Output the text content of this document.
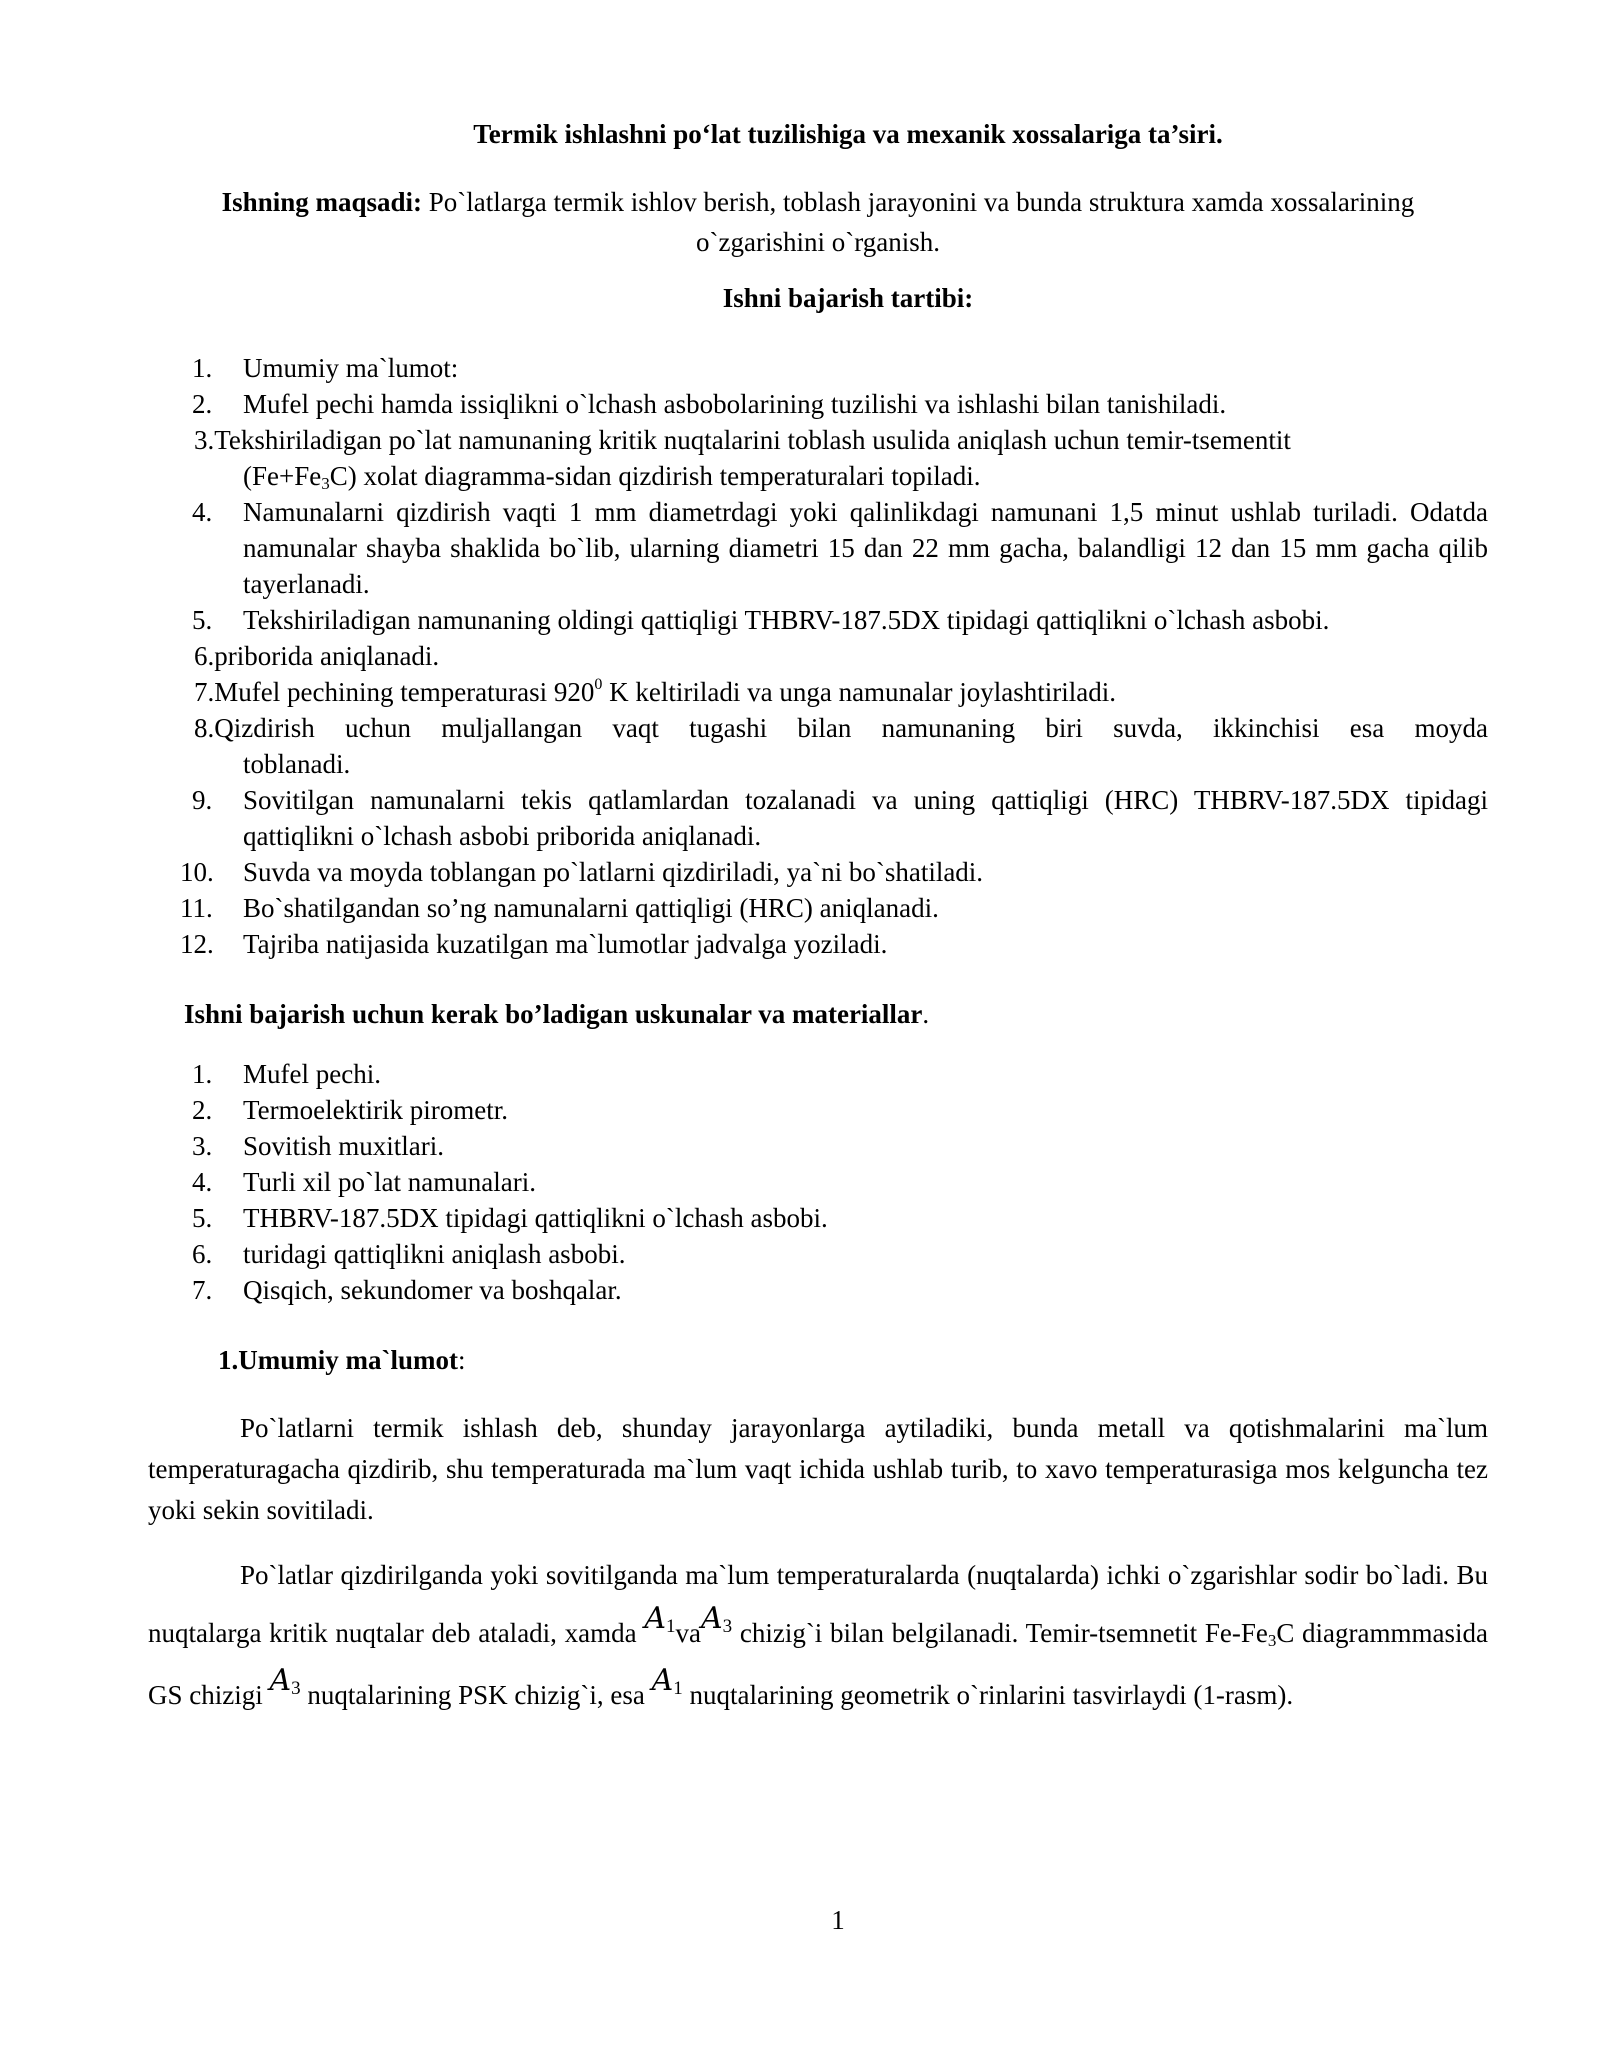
Termik ishlashni po‘lat tuzilishiga va mexanik xossalariga ta’siri.
Ishning maqsadi: Po`latlarga termik ishlov berish, toblash jarayonini va bunda struktura xamda xossalarining o`zgarishini o`rganish.
Ishni bajarish tartibi:
1. Umumiy ma`lumot:
2. Mufel pechi hamda issiqlikni o`lchash asbobolarining tuzilishi va ishlashi bilan tanishiladi.
3.Tekshiriladigan po`lat namunaning kritik nuqtalarini toblash usulida aniqlash uchun temir-tsementit
$(Fe+Fe_3C)$ xolat diagramma-sidan qizdirish temperaturalari topiladi.
4. Namunalarni qizdirish vaqti 1 mm diametrdagi yoki qalinlikdagi namunani 1,5 minut ushlab turiladi. Odatda namunalar shayba shaklida bo`lib, ularning diametri 15 dan 22 mm gacha, balandligi 12 dan 15 mm gacha qilib tayerlanadi.
5. Tekshiriladigan namunaning oldingi qattiqligi THBRV-187.5DX tipidagi qattiqlikni o`lchash asbobi.
6.priborida aniqlanadi.
7.Mufel pechining temperaturasi $920^0$ K keltiriladi va unga namunalar joylashtiriladi.
8.Qizdirish uchun muljallangan vaqt tugashi bilan namunaning biri suvda, ikkinchisi esa moyda
toblanadi.
9. Sovitilgan namunalarni tekis qatlamlardan tozalanadi va uning qattiqligi (HRC) THBRV-187.5DX tipidagi qattiqlikni o`lchash asbobi priborida aniqlanadi.
10. Suvda va moyda toblangan po`latlarni qizdiriladi, ya`ni bo`shatiladi.
11. Bo`shatilgandan so’ng namunalarni qattiqligi (HRC) aniqlanadi.
12. Tajriba natijasida kuzatilgan ma`lumotlar jadvalga yoziladi.
Ishni bajarish uchun kerak bo’ladigan uskunalar va materiallar.
1. Mufel pechi.
2. Termoelektirik pirometr.
3. Sovitish muxitlari.
4. Turli xil po`lat namunalari.
5. THBRV-187.5DX tipidagi qattiqlikni o`lchash asbobi.
6. turidagi qattiqlikni aniqlash asbobi.
7. Qisqich, sekundomer va boshqalar.
1.Umumiy ma`lumot:
Po`latlarni termik ishlash deb, shunday jarayonlarga aytiladiki, bunda metall va qotishmalarini ma`lum temperaturagacha qizdirib, shu temperaturada ma`lum vaqt ichida ushlab turib, to xavo temperaturasiga mos kelguncha tez yoki sekin sovitiladi.
Po`latlar qizdirilganda yoki sovitilganda ma`lum temperaturalarda (nuqtalarda) ichki o`zgarishlar sodir bo`ladi. Bu nuqtalarga kritik nuqtalar deb ataladi, xamda $A^1vaA^3$ chizig`i bilan belgilanadi. Temir-tsemnetit $Fe-Fe_3C$ diagrammmasida GS chizigi $A^3$ nuqtalarining PSK chizig`i, esa $A^1$ nuqtalarining geometrik o`rinlarini tasvirlaydi (1-rasm).
1
